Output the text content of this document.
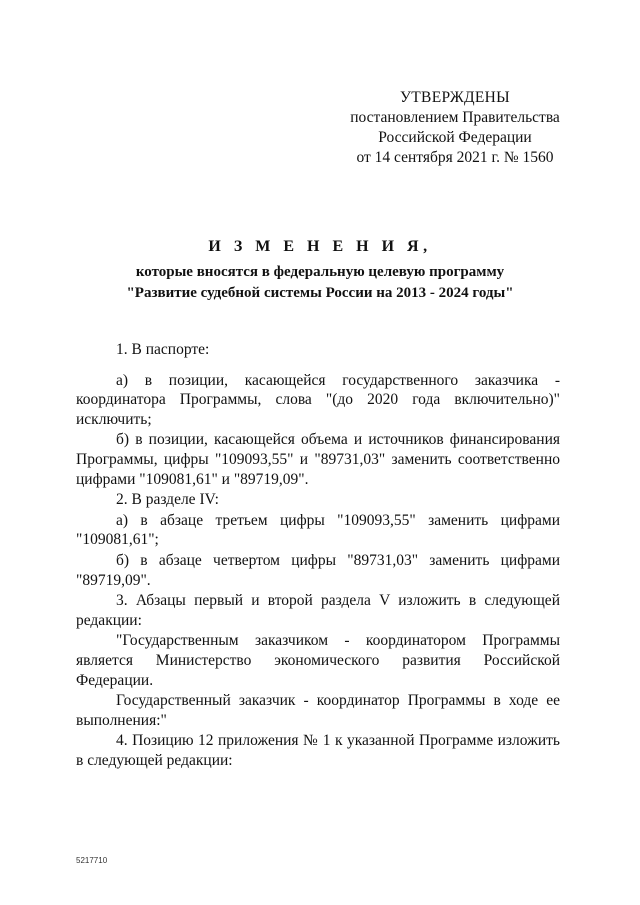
УТВЕРЖДЕНЫ
постановлением Правительства
Российской Федерации
от 14 сентября 2021 г. № 1560
И З М Е Н Е Н И Я,
которые вносятся в федеральную целевую программу
"Развитие судебной системы России на 2013 - 2024 годы"

1. В паспорте:

а) в позиции, касающейся государственного заказчика - координатора Программы, слова "(до 2020 года включительно)" исключить;

б) в позиции, касающейся объема и источников финансирования Программы, цифры "109093,55" и "89731,03" заменить соответственно цифрами "109081,61" и "89719,09".

2. В разделе IV:

а) в абзаце третьем цифры "109093,55" заменить цифрами "109081,61";

б) в абзаце четвертом цифры "89731,03" заменить цифрами "89719,09".

3. Абзацы первый и второй раздела V изложить в следующей редакции:

"Государственным заказчиком - координатором Программы является Министерство экономического развития Российской Федерации.

Государственный заказчик - координатор Программы в ходе ее выполнения:"

4. Позицию 12 приложения № 1 к указанной Программе изложить в следующей редакции:

5217710
